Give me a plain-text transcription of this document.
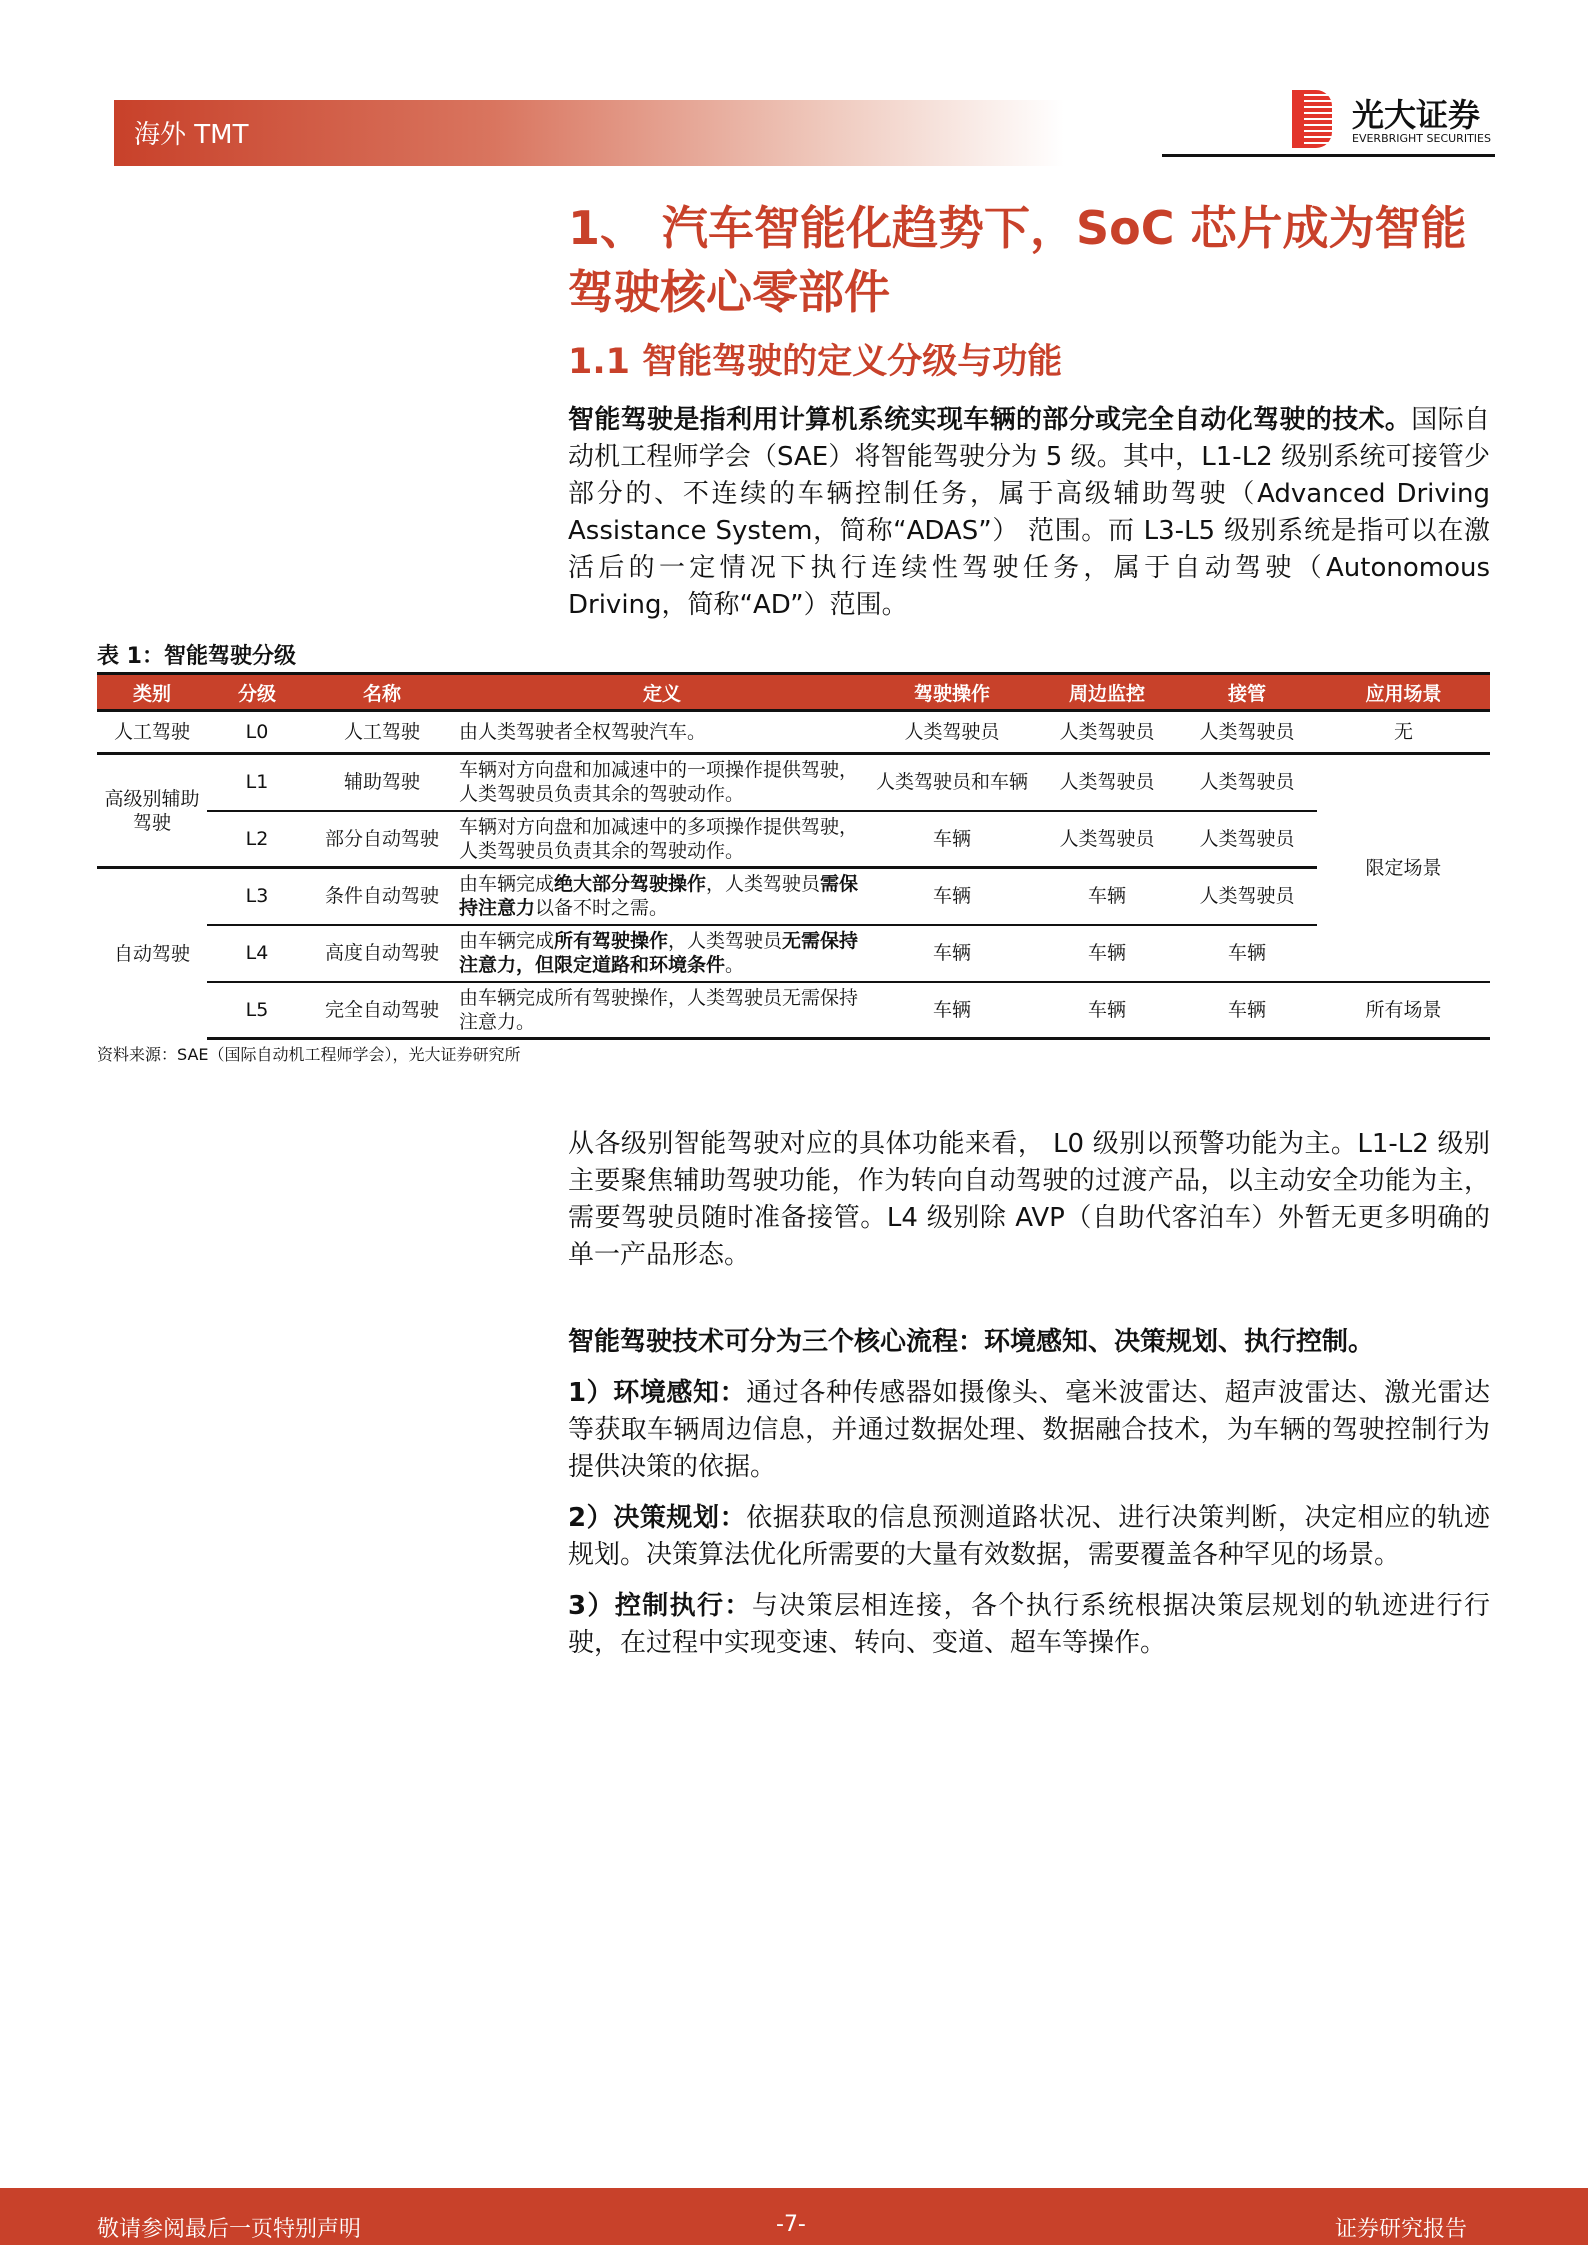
海外 TMT
光大证券
EVERBRIGHT SECURITIES
1、 汽车智能化趋势下，SoC 芯片成为智能驾驶核心零部件
1.1 智能驾驶的定义分级与功能
智能驾驶是指利用计算机系统实现车辆的部分或完全自动化驾驶的技术。国际自动机工程师学会（SAE）将智能驾驶分为 5 级。其中，L1-L2 级别系统可接管少部分的、不连续的车辆控制任务，属于高级辅助驾驶（Advanced Driving Assistance System，简称“ADAS”） 范围。而 L3-L5 级别系统是指可以在激活后的一定情况下执行连续性驾驶任务，属于自动驾驶（Autonomous Driving，简称“AD”）范围。
表 1：智能驾驶分级
类别	分级	名称	定义	驾驶操作	周边监控	接管	应用场景
人工驾驶	L0	人工驾驶	由人类驾驶者全权驾驶汽车。	人类驾驶员	人类驾驶员	人类驾驶员	无
高级别辅助驾驶	L1	辅助驾驶	车辆对方向盘和加减速中的一项操作提供驾驶，人类驾驶员负责其余的驾驶动作。	人类驾驶员和车辆	人类驾驶员	人类驾驶员	限定场景
	L2	部分自动驾驶	车辆对方向盘和加减速中的多项操作提供驾驶，人类驾驶员负责其余的驾驶动作。	车辆	人类驾驶员	人类驾驶员	
自动驾驶	L3	条件自动驾驶	由车辆完成绝大部分驾驶操作，人类驾驶员需保持注意力以备不时之需。	车辆	车辆	人类驾驶员	
	L4	高度自动驾驶	由车辆完成所有驾驶操作，人类驾驶员无需保持注意力，但限定道路和环境条件。	车辆	车辆	车辆	
	L5	完全自动驾驶	由车辆完成所有驾驶操作，人类驾驶员无需保持注意力。	车辆	车辆	车辆	所有场景
资料来源：SAE（国际自动机工程师学会），光大证券研究所
从各级别智能驾驶对应的具体功能来看， L0 级别以预警功能为主。L1-L2 级别主要聚焦辅助驾驶功能，作为转向自动驾驶的过渡产品，以主动安全功能为主，需要驾驶员随时准备接管。L4 级别除 AVP（自助代客泊车）外暂无更多明确的单一产品形态。
智能驾驶技术可分为三个核心流程：环境感知、决策规划、执行控制。
1）环境感知：通过各种传感器如摄像头、毫米波雷达、超声波雷达、激光雷达等获取车辆周边信息，并通过数据处理、数据融合技术，为车辆的驾驶控制行为提供决策的依据。
2）决策规划：依据获取的信息预测道路状况、进行决策判断，决定相应的轨迹规划。决策算法优化所需要的大量有效数据，需要覆盖各种罕见的场景。
3）控制执行：与决策层相连接，各个执行系统根据决策层规划的轨迹进行行驶，在过程中实现变速、转向、变道、超车等操作。
敬请参阅最后一页特别声明	-7-	证券研究报告
